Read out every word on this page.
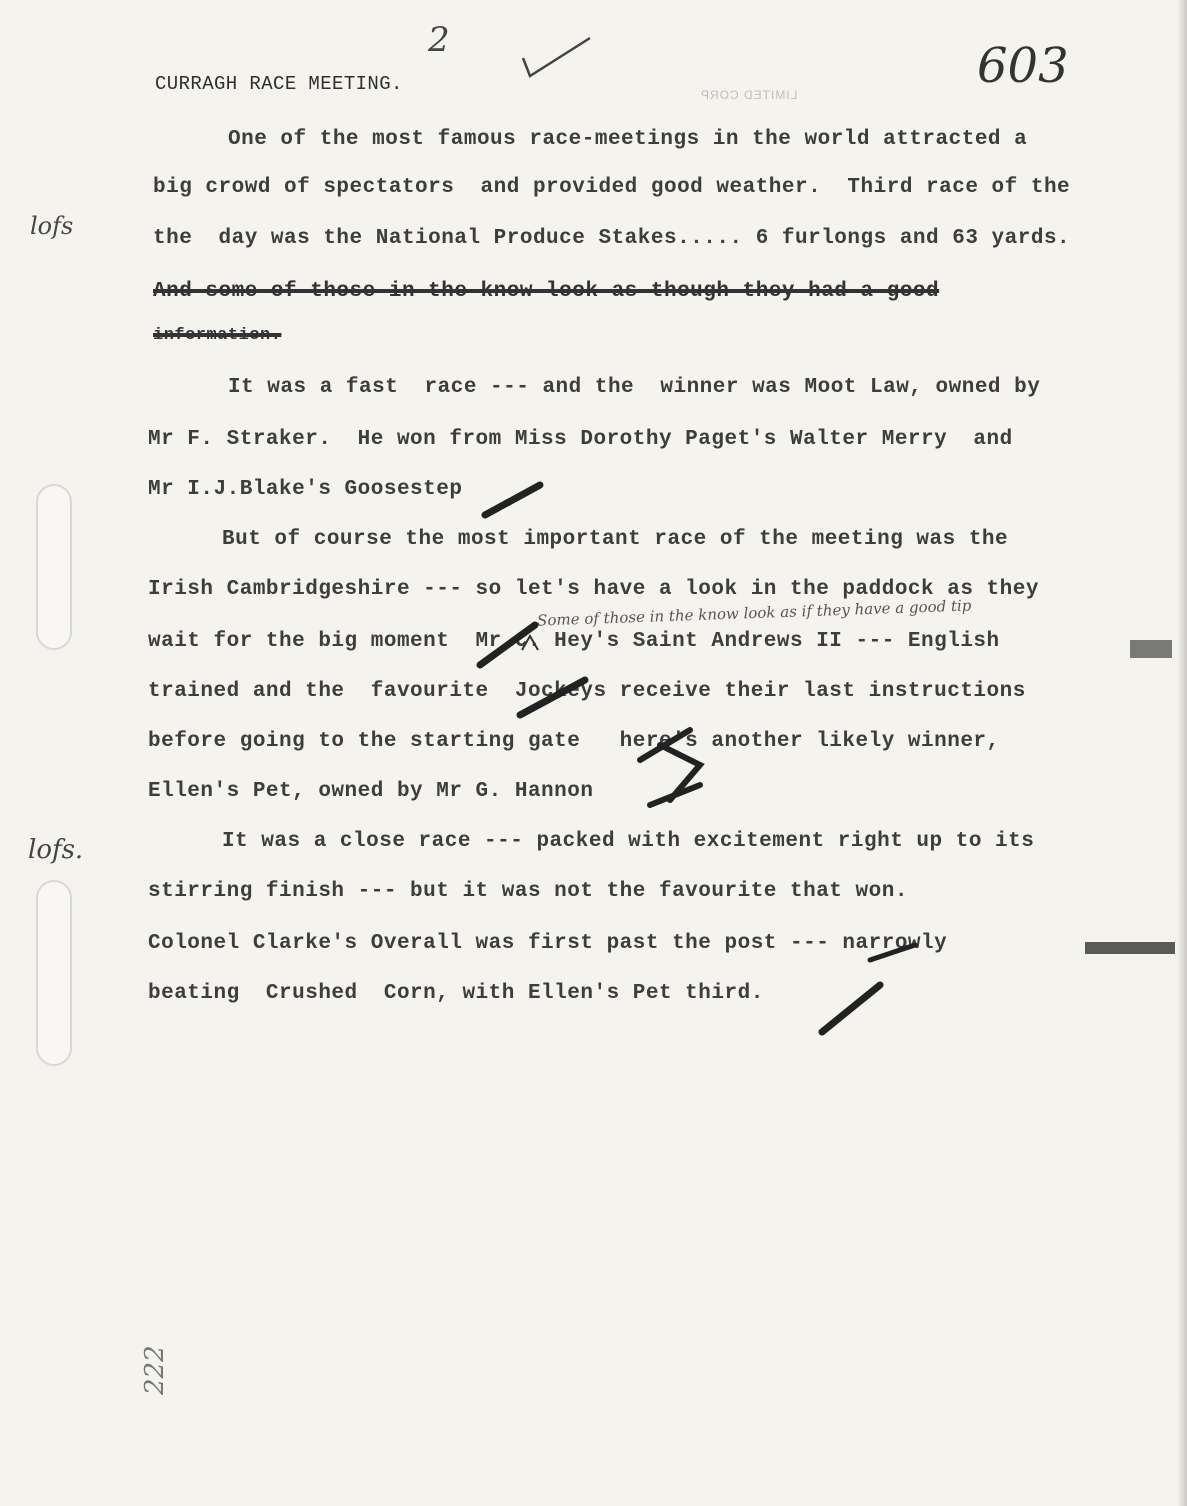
LIMITED CORP
2	603
CURRAGH RACE MEETING.
lofs
lofs.
222
One of the most famous race-meetings in the world attracted a
big crowd of spectators  and provided good weather.  Third race of the
the  day was the National Produce Stakes..... 6 furlongs and 63 yards.
And some of those in the know look as though they had a good
information.
It was a fast  race --- and the  winner was Moot Law, owned by
Mr F. Straker.  He won from Miss Dorothy Paget's Walter Merry  and
Mr I.J.Blake's Goosestep
But of course the most important race of the meeting was the
Irish Cambridgeshire --- so let's have a look in the paddock as they
Some of those in the know look as if they have a good tip
wait for the big moment  Mr C. Hey's Saint Andrews II --- English
trained and the  favourite  Jockeys receive their last instructions
before going to the starting gate   here's another likely winner,
Ellen's Pet, owned by Mr G. Hannon
It was a close race --- packed with excitement right up to its
stirring finish --- but it was not the favourite that won.
Colonel Clarke's Overall was first past the post --- narrowly
beating  Crushed  Corn, with Ellen's Pet third.
